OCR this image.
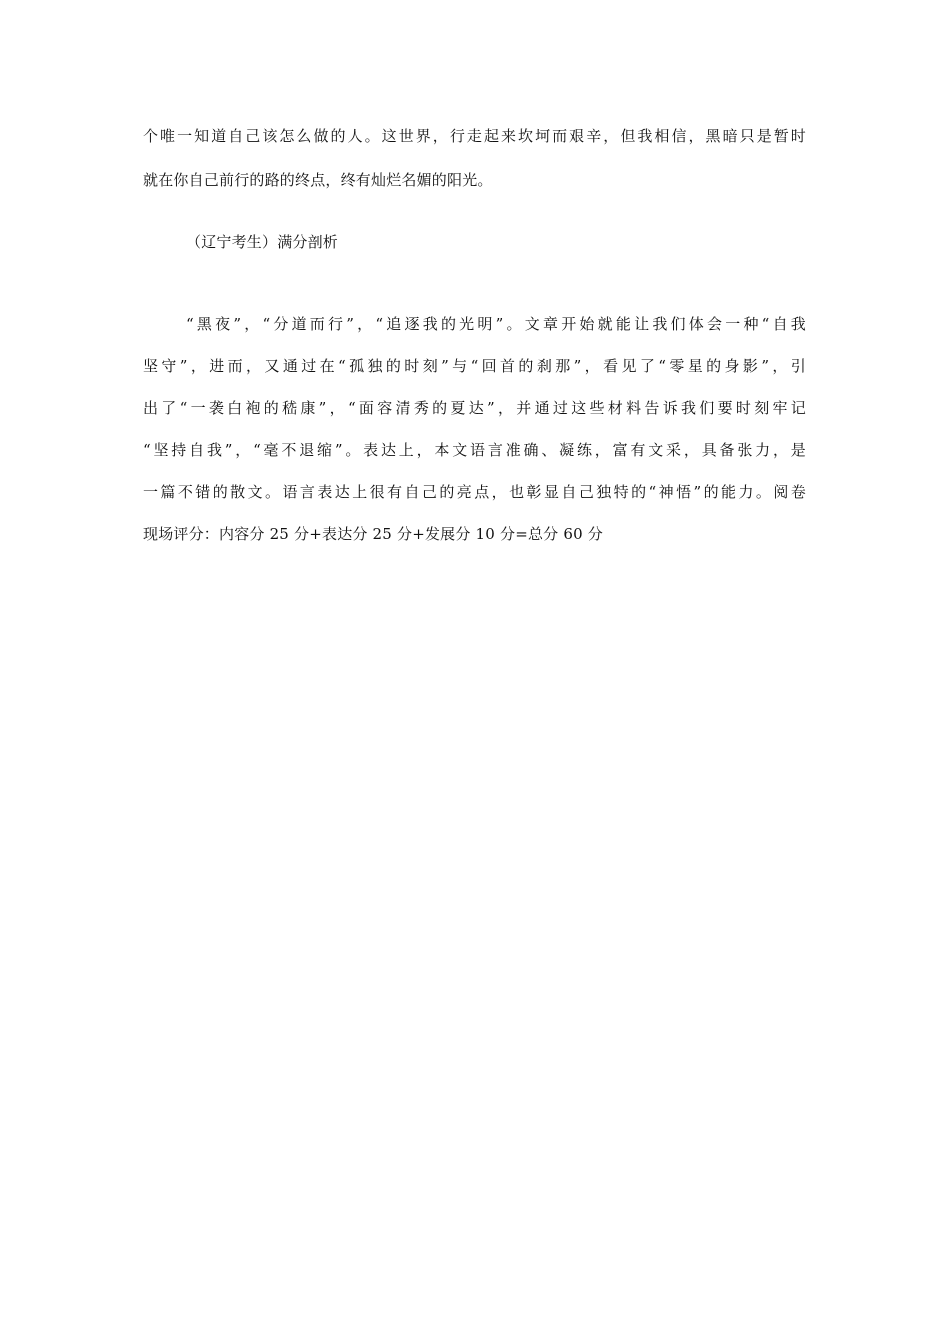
个唯一知道自己该怎么做的人。这世界，行走起来坎坷而艰辛，但我相信，黑暗只是暂时
就在你自己前行的路的终点，终有灿烂名媚的阳光。
（辽宁考生）满分剖析
“黑夜”，“分道而行”，“追逐我的光明”。文章开始就能让我们体会一种“自我
坚守”，进而，又通过在“孤独的时刻”与“回首的刹那”，看见了“零星的身影”，引
出了“一袭白袍的嵇康”，“面容清秀的夏达”，并通过这些材料告诉我们要时刻牢记
“坚持自我”，“毫不退缩”。表达上，本文语言准确、凝练，富有文采，具备张力，是
一篇不错的散文。语言表达上很有自己的亮点，也彰显自己独特的“神悟”的能力。阅卷
现场评分：内容分 25 分+表达分 25 分+发展分 10 分=总分 60 分
